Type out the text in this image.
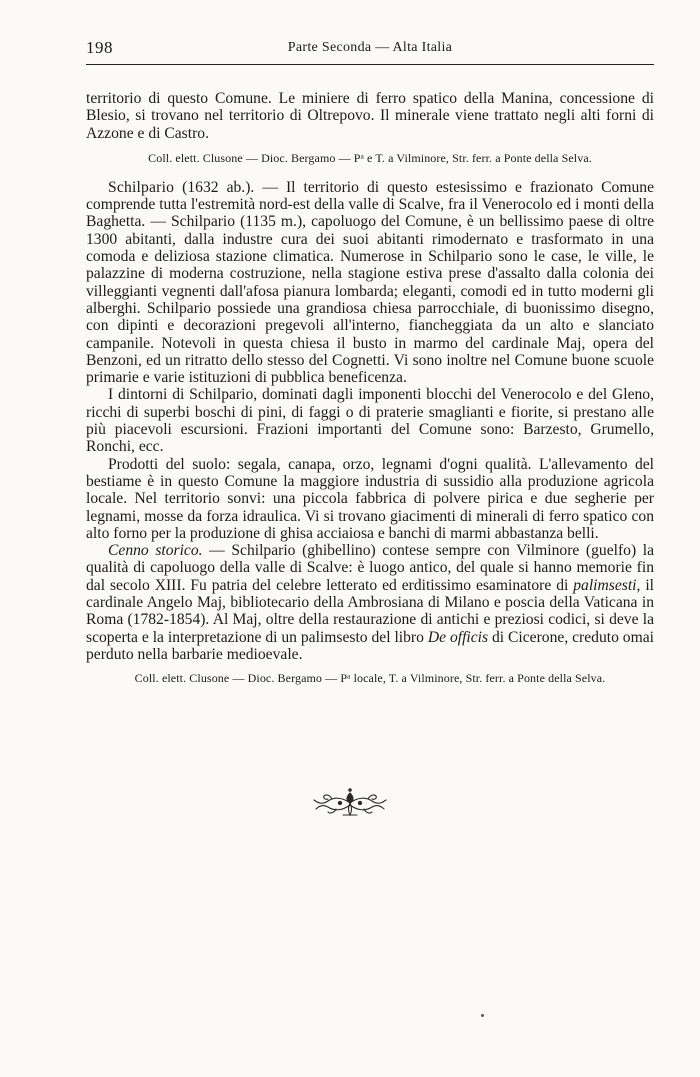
198	Parte Seconda — Alta Italia

territorio di questo Comune. Le miniere di ferro spatico della Manina, concessione di Blesio, si trovano nel territorio di Oltrepovo. Il minerale viene trattato negli alti forni di Azzone e di Castro.

Coll. elett. Clusone — Dioc. Bergamo — Pᵃ e T. a Vilminore, Str. ferr. a Ponte della Selva.

Schilpario (1632 ab.). — Il territorio di questo estesissimo e frazionato Comune comprende tutta l'estremità nord-est della valle di Scalve, fra il Venerocolo ed i monti della Baghetta. — Schilpario (1135 m.), capoluogo del Comune, è un bellissimo paese di oltre 1300 abitanti, dalla industre cura dei suoi abitanti rimodernato e trasformato in una comoda e deliziosa stazione climatica. Numerose in Schilpario sono le case, le ville, le palazzine di moderna costruzione, nella stagione estiva prese d'assalto dalla colonia dei villeggianti vegnenti dall'afosa pianura lombarda; eleganti, comodi ed in tutto moderni gli alberghi. Schilpario possiede una grandiosa chiesa parrocchiale, di buonissimo disegno, con dipinti e decorazioni pregevoli all'interno, fiancheggiata da un alto e slanciato campanile. Notevoli in questa chiesa il busto in marmo del cardinale Maj, opera del Benzoni, ed un ritratto dello stesso del Cognetti. Vi sono inoltre nel Comune buone scuole primarie e varie istituzioni di pubblica beneficenza.

I dintorni di Schilpario, dominati dagli imponenti blocchi del Venerocolo e del Gleno, ricchi di superbi boschi di pini, di faggi o di praterie smaglianti e fiorite, si prestano alle più piacevoli escursioni. Frazioni importanti del Comune sono: Barzesto, Grumello, Ronchi, ecc.

Prodotti del suolo: segala, canapa, orzo, legnami d'ogni qualità. L'allevamento del bestiame è in questo Comune la maggiore industria di sussidio alla produzione agricola locale. Nel territorio sonvi: una piccola fabbrica di polvere pirica e due segherie per legnami, mosse da forza idraulica. Vi si trovano giacimenti di minerali di ferro spatico con alto forno per la produzione di ghisa acciaiosa e banchi di marmi abbastanza belli.

Cenno storico. — Schilpario (ghibellino) contese sempre con Vilminore (guelfo) la qualità di capoluogo della valle di Scalve: è luogo antico, del quale si hanno memorie fin dal secolo XIII. Fu patria del celebre letterato ed erditissimo esaminatore di palimsesti, il cardinale Angelo Maj, bibliotecario della Ambrosiana di Milano e poscia della Vaticana in Roma (1782-1854). Al Maj, oltre della restaurazione di antichi e preziosi codici, si deve la scoperta e la interpretazione di un palimsesto del libro De officis di Cicerone, creduto omai perduto nella barbarie medioevale.

Coll. elett. Clusone — Dioc. Bergamo — Pᵃ locale, T. a Vilminore, Str. ferr. a Ponte della Selva.
